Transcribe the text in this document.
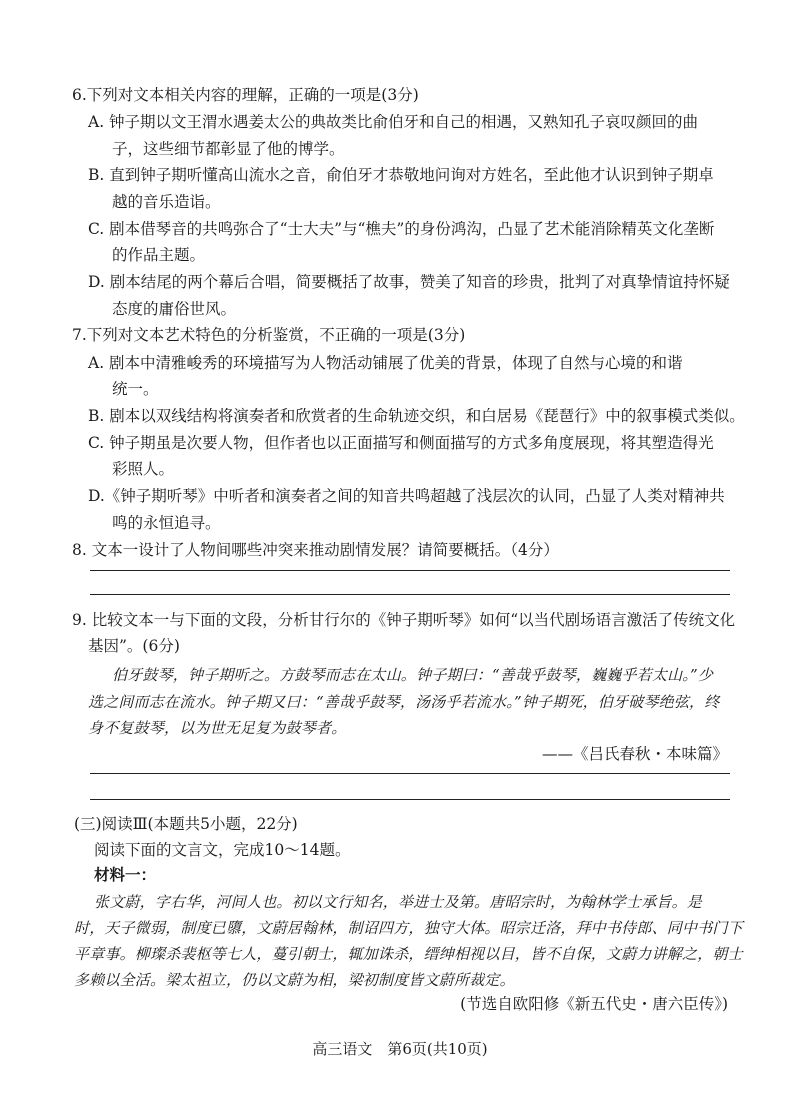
6.下列对文本相关内容的理解，正确的一项是(3分)
A. 钟子期以文王渭水遇姜太公的典故类比俞伯牙和自己的相遇，又熟知孔子哀叹颜回的曲
子，这些细节都彰显了他的博学。
B. 直到钟子期听懂高山流水之音，俞伯牙才恭敬地问询对方姓名，至此他才认识到钟子期卓
越的音乐造诣。
C. 剧本借琴音的共鸣弥合了“士大夫”与“樵夫”的身份鸿沟，凸显了艺术能消除精英文化垄断
的作品主题。
D. 剧本结尾的两个幕后合唱，简要概括了故事，赞美了知音的珍贵，批判了对真挚情谊持怀疑
态度的庸俗世风。
7.下列对文本艺术特色的分析鉴赏，不正确的一项是(3分)
A. 剧本中清雅峻秀的环境描写为人物活动铺展了优美的背景，体现了自然与心境的和谐
统一。
B. 剧本以双线结构将演奏者和欣赏者的生命轨迹交织，和白居易《琵琶行》中的叙事模式类似。
C. 钟子期虽是次要人物，但作者也以正面描写和侧面描写的方式多角度展现，将其塑造得光
彩照人。
D.《钟子期听琴》中听者和演奏者之间的知音共鸣超越了浅层次的认同，凸显了人类对精神共
鸣的永恒追寻。
8. 文本一设计了人物间哪些冲突来推动剧情发展？请简要概括。（4分）
9. 比较文本一与下面的文段，分析甘行尔的《钟子期听琴》如何“以当代剧场语言激活了传统文化
基因”。(6分)
伯牙鼓琴，钟子期听之。方鼓琴而志在太山。钟子期曰：“善哉乎鼓琴，巍巍乎若太山。”少
选之间而志在流水。钟子期又曰：“善哉乎鼓琴，汤汤乎若流水。”钟子期死，伯牙破琴绝弦，终
身不复鼓琴，以为世无足复为鼓琴者。
——《吕氏春秋・本味篇》
(三)阅读Ⅲ(本题共5小题，22分)
阅读下面的文言文，完成10～14题。
材料一：
张文蔚，字右华，河间人也。初以文行知名，举进士及第。唐昭宗时，为翰林学士承旨。是
时，天子微弱，制度已隳，文蔚居翰林，制诏四方，独守大体。昭宗迁洛，拜中书侍郎、同中书门下
平章事。柳璨杀裴枢等七人，蔓引朝士，辄加诛杀，缙绅相视以目，皆不自保，文蔚力讲解之，朝士
多赖以全活。梁太祖立，仍以文蔚为相，梁初制度皆文蔚所裁定。
(节选自欧阳修《新五代史・唐六臣传》)
高三语文　第6页(共10页)
